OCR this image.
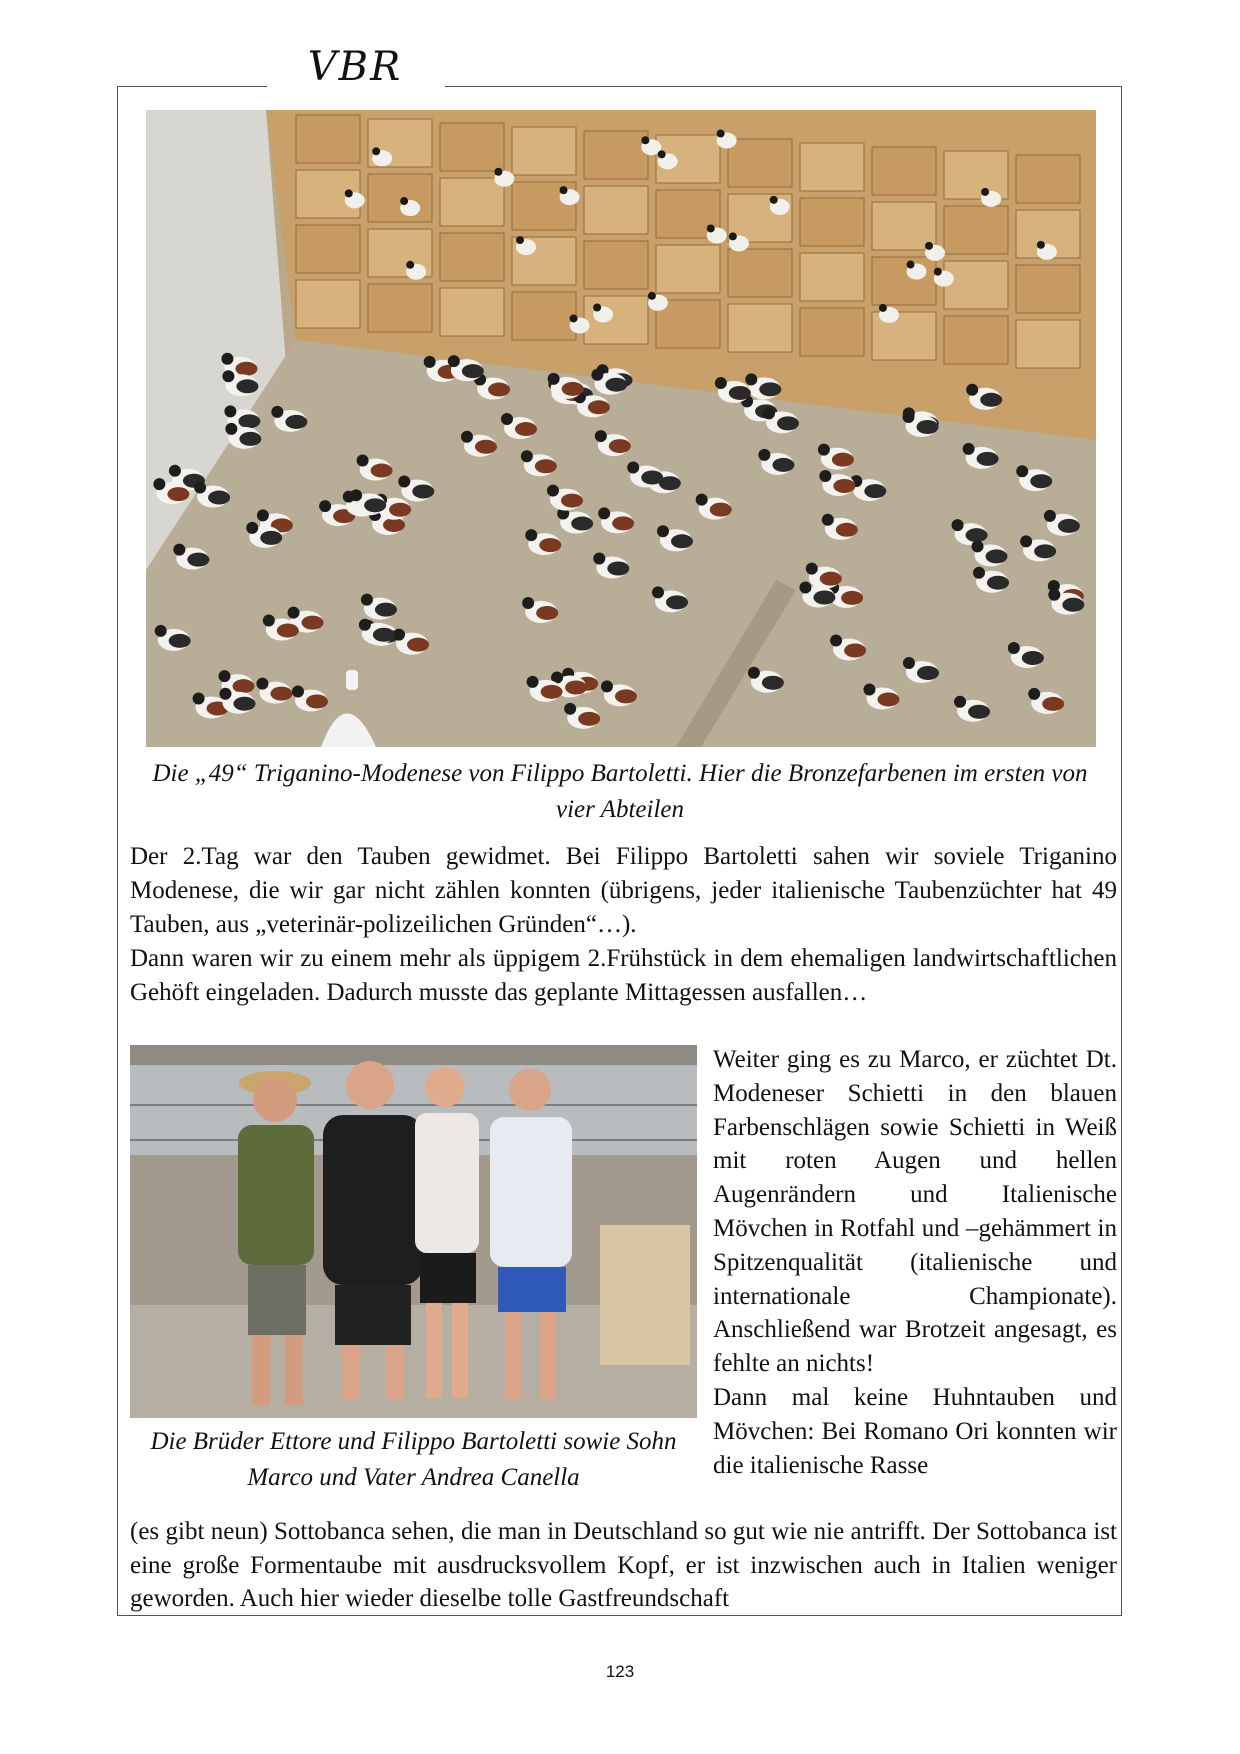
VBR
Die „49“ Triganino-Modenese von Filippo Bartoletti. Hier die Bronzefarbenen im ersten von vier Abteilen

Der 2.Tag war den Tauben gewidmet. Bei Filippo Bartoletti sahen wir soviele Triganino Modenese, die wir gar nicht zählen konnten (übrigens, jeder italienische Taubenzüchter hat 49 Tauben, aus „veterinär-polizeilichen Gründen“…).

Dann waren wir zu einem mehr als üppigem 2.Frühstück in dem ehemaligen landwirtschaftlichen Gehöft eingeladen. Dadurch musste das geplante Mittagessen ausfallen…

Die Brüder Ettore und Filippo Bartoletti sowie Sohn Marco und Vater Andrea Canella

Weiter ging es zu Marco, er züchtet Dt. Modeneser Schietti in den blauen Farbenschlägen sowie Schietti in Weiß mit roten Augen und hellen Augenrändern und Italienische Mövchen in Rotfahl und –gehämmert in Spitzenqualität (italienische und internationale Championate). Anschließend war Brotzeit angesagt, es fehlte an nichts!

Dann mal keine Huhntauben und Mövchen: Bei Romano Ori konnten wir die italienische Rasse

(es gibt neun) Sottobanca sehen, die man in Deutschland so gut wie nie antrifft. Der Sottobanca ist eine große Formentaube mit ausdrucksvollem Kopf, er ist inzwischen auch in Italien weniger geworden. Auch hier wieder dieselbe tolle Gastfreundschaft
123
